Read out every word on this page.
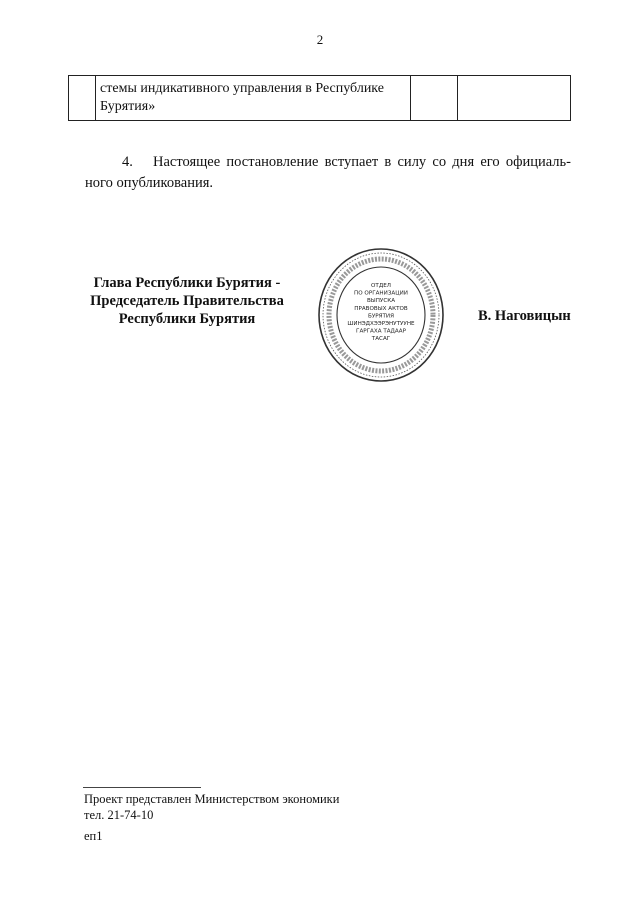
2

стемы индикативного управления в Республике
Бурятия»

4. Настоящее постановление вступает в силу со дня его официаль-ного опубликования.
Глава Республики Бурятия -
Председатель Правительства
Республики Бурятия
ОТДЕЛ
ПО ОРГАНИЗАЦИИ
ВЫПУСКА
ПРАВОВЫХ АКТОВ
БУРЯТИЯ
ШИНЭДХЭЭРЭНУТУУНЕ
ГАРГАХА ТАДААР
ТАСАГ
В. Наговицын
Проект представлен Министерством экономики
тел. 21-74-10
еп1
